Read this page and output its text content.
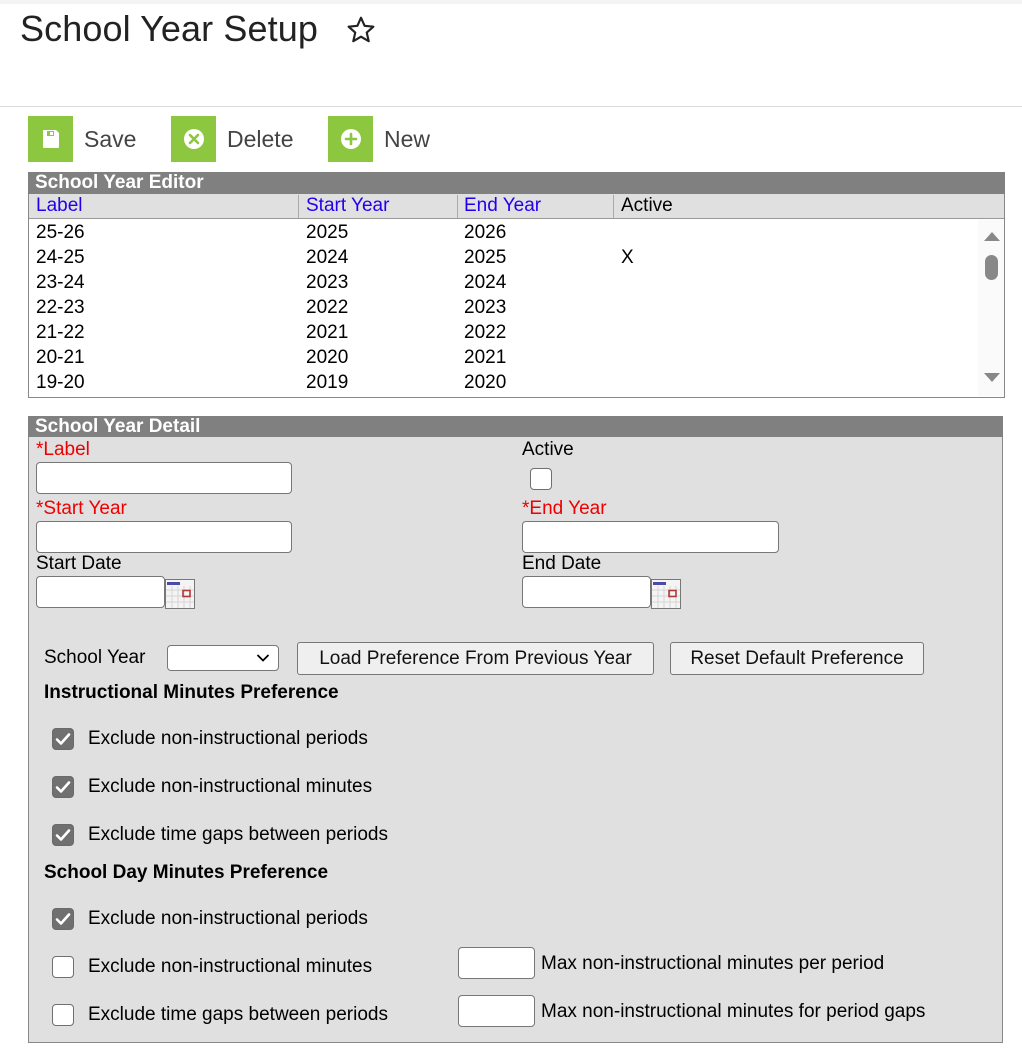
School Year Setup
Save	Delete	New
School Year Editor
Label	Start Year	End Year	Active
25-26	2025	2026
24-25	2024	2025	X
23-24	2023	2024
22-23	2022	2023
21-22	2021	2022
20-21	2020	2021
19-20	2019	2020
School Year Detail
*Label	Active
*Start Year	*End Year
Start Date	End Date
School Year	Load Preference From Previous Year	Reset Default Preference
Instructional Minutes Preference
Exclude non-instructional periods
Exclude non-instructional minutes
Exclude time gaps between periods
School Day Minutes Preference
Exclude non-instructional periods
Exclude non-instructional minutes	Max non-instructional minutes per period
Exclude time gaps between periods	Max non-instructional minutes for period gaps
